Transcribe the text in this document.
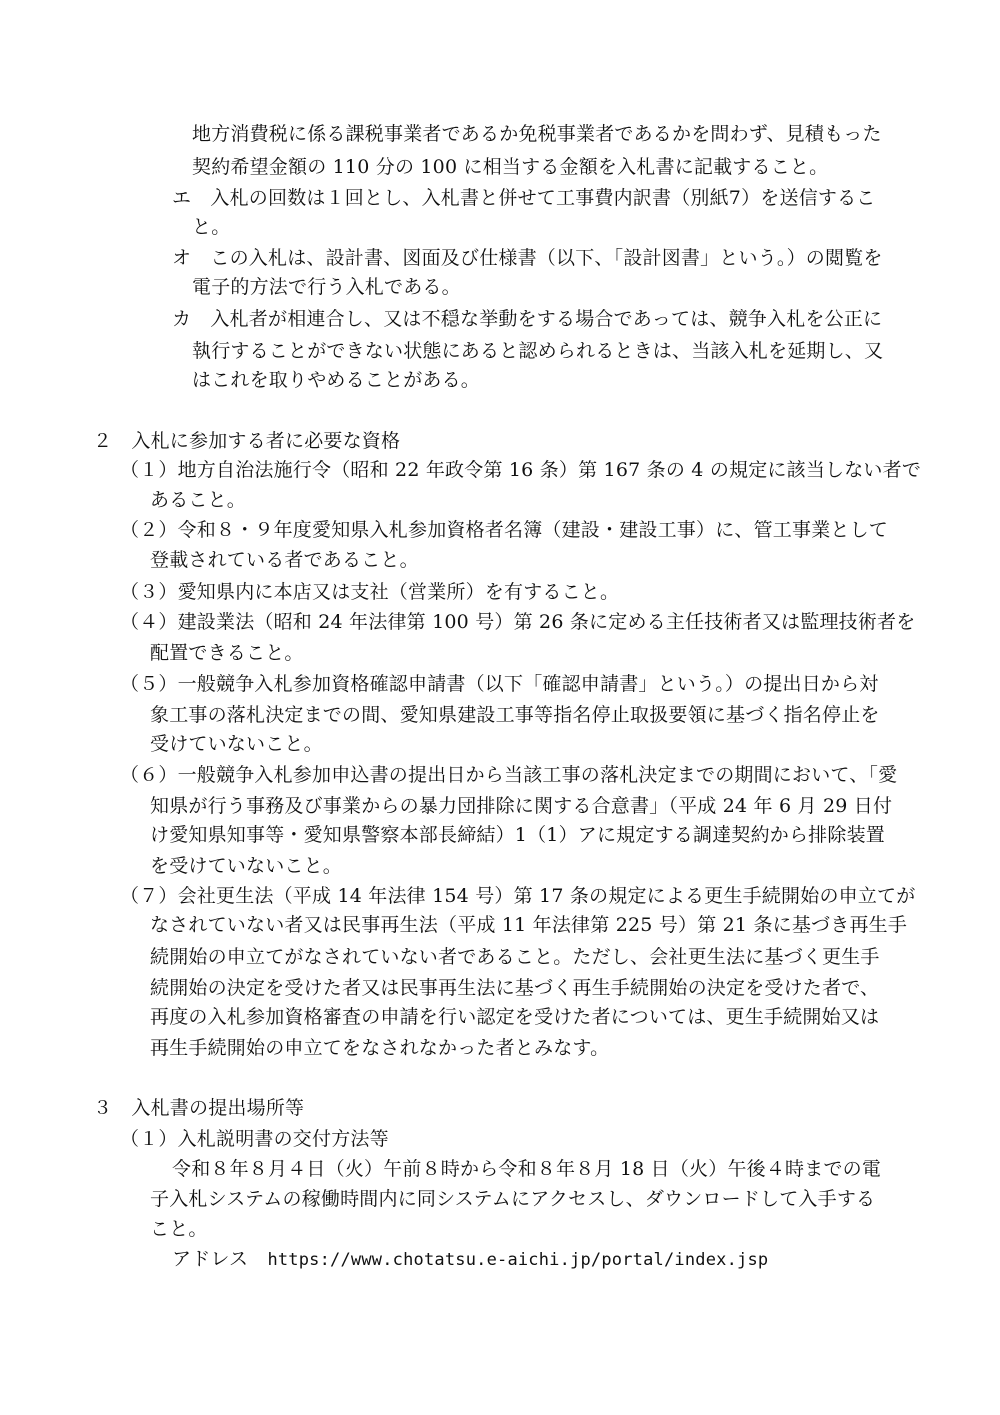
地方消費税に係る課税事業者であるか免税事業者であるかを問わず、見積もった
契約希望金額の 110 分の 100 に相当する金額を入札書に記載すること。
エ　入札の回数は１回とし、入札書と併せて工事費内訳書（別紙7）を送信するこ
と。
オ　この入札は、設計書、図面及び仕様書（以下、「設計図書」という。）の閲覧を
電子的方法で行う入札である。
カ　入札者が相連合し、又は不穏な挙動をする場合であっては、競争入札を公正に
執行することができない状態にあると認められるときは、当該入札を延期し、又
はこれを取りやめることがある。
２　入札に参加する者に必要な資格
（１）地方自治法施行令（昭和 22 年政令第 16 条）第 167 条の 4 の規定に該当しない者で
あること。
（２）令和８・９年度愛知県入札参加資格者名簿（建設・建設工事）に、管工事業として
登載されている者であること。
（３）愛知県内に本店又は支社（営業所）を有すること。
（４）建設業法（昭和 24 年法律第 100 号）第 26 条に定める主任技術者又は監理技術者を
配置できること。
（５）一般競争入札参加資格確認申請書（以下「確認申請書」という。）の提出日から対
象工事の落札決定までの間、愛知県建設工事等指名停止取扱要領に基づく指名停止を
受けていないこと。
（６）一般競争入札参加申込書の提出日から当該工事の落札決定までの期間において、「愛
知県が行う事務及び事業からの暴力団排除に関する合意書」（平成 24 年 6 月 29 日付
け愛知県知事等・愛知県警察本部長締結）1（1）アに規定する調達契約から排除装置
を受けていないこと。
（７）会社更生法（平成 14 年法律 154 号）第 17 条の規定による更生手続開始の申立てが
なされていない者又は民事再生法（平成 11 年法律第 225 号）第 21 条に基づき再生手
続開始の申立てがなされていない者であること。ただし、会社更生法に基づく更生手
続開始の決定を受けた者又は民事再生法に基づく再生手続開始の決定を受けた者で、
再度の入札参加資格審査の申請を行い認定を受けた者については、更生手続開始又は
再生手続開始の申立てをなされなかった者とみなす。
３　入札書の提出場所等
（１）入札説明書の交付方法等
令和８年８月４日（火）午前８時から令和８年８月 18 日（火）午後４時までの電
子入札システムの稼働時間内に同システムにアクセスし、ダウンロードして入手する
こと。
アドレス　https://www.chotatsu.e-aichi.jp/portal/index.jsp
